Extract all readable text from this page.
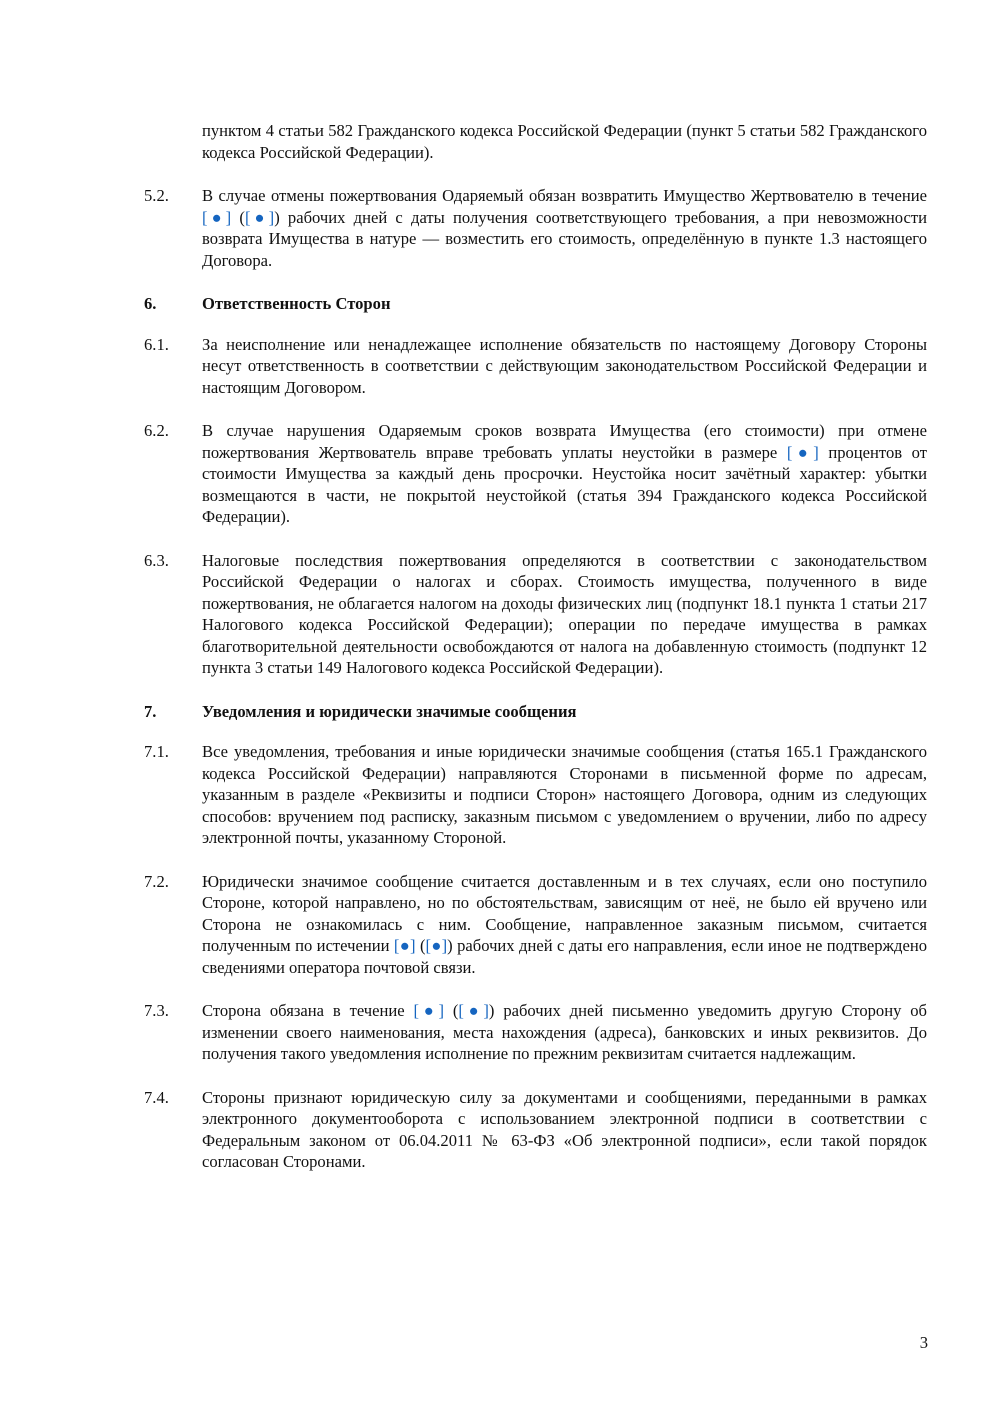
пунктом 4 статьи 582 Гражданского кодекса Российской Федерации (пункт 5 статьи 582 Гражданского кодекса Российской Федерации).
5.2.	В случае отмены пожертвования Одаряемый обязан возвратить Имущество Жертвователю в течение [●] ([●]) рабочих дней с даты получения соответствующего требования, а при невозможности возврата Имущества в натуре — возместить его стоимость, определённую в пункте 1.3 настоящего Договора.
6.	Ответственность Сторон
6.1.	За неисполнение или ненадлежащее исполнение обязательств по настоящему Договору Стороны несут ответственность в соответствии с действующим законодательством Российской Федерации и настоящим Договором.
6.2.	В случае нарушения Одаряемым сроков возврата Имущества (его стоимости) при отмене пожертвования Жертвователь вправе требовать уплаты неустойки в размере [●] процентов от стоимости Имущества за каждый день просрочки. Неустойка носит зачётный характер: убытки возмещаются в части, не покрытой неустойкой (статья 394 Гражданского кодекса Российской Федерации).
6.3.	Налоговые последствия пожертвования определяются в соответствии с законодательством Российской Федерации о налогах и сборах. Стоимость имущества, полученного в виде пожертвования, не облагается налогом на доходы физических лиц (подпункт 18.1 пункта 1 статьи 217 Налогового кодекса Российской Федерации); операции по передаче имущества в рамках благотворительной деятельности освобождаются от налога на добавленную стоимость (подпункт 12 пункта 3 статьи 149 Налогового кодекса Российской Федерации).
7.	Уведомления и юридически значимые сообщения
7.1.	Все уведомления, требования и иные юридически значимые сообщения (статья 165.1 Гражданского кодекса Российской Федерации) направляются Сторонами в письменной форме по адресам, указанным в разделе «Реквизиты и подписи Сторон» настоящего Договора, одним из следующих способов: вручением под расписку, заказным письмом с уведомлением о вручении, либо по адресу электронной почты, указанному Стороной.
7.2.	Юридически значимое сообщение считается доставленным и в тех случаях, если оно поступило Стороне, которой направлено, но по обстоятельствам, зависящим от неё, не было ей вручено или Сторона не ознакомилась с ним. Сообщение, направленное заказным письмом, считается полученным по истечении [●] ([●]) рабочих дней с даты его направления, если иное не подтверждено сведениями оператора почтовой связи.
7.3.	Сторона обязана в течение [●] ([●]) рабочих дней письменно уведомить другую Сторону об изменении своего наименования, места нахождения (адреса), банковских и иных реквизитов. До получения такого уведомления исполнение по прежним реквизитам считается надлежащим.
7.4.	Стороны признают юридическую силу за документами и сообщениями, переданными в рамках электронного документооборота с использованием электронной подписи в соответствии с Федеральным законом от 06.04.2011 № 63-ФЗ «Об электронной подписи», если такой порядок согласован Сторонами.
3
